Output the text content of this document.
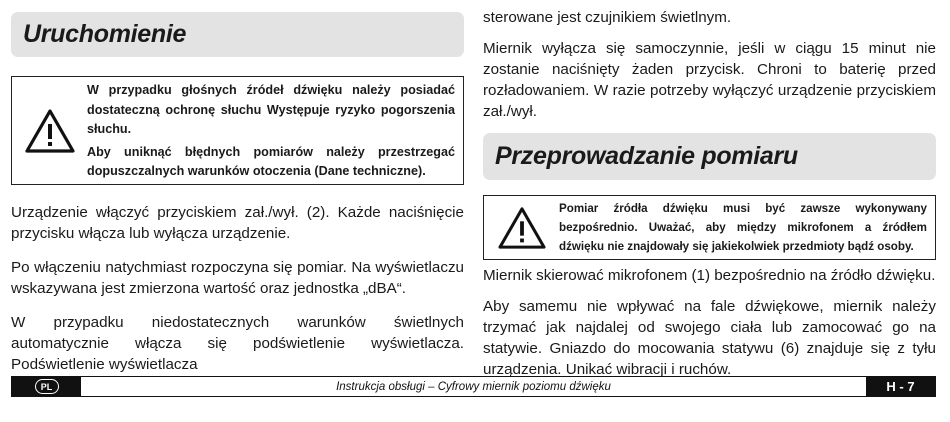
Uruchomienie

W przypadku głośnych źródeł dźwięku należy posiadać dostateczną ochronę słuchu Występuje ryzyko pogorszenia słuchu.

Aby uniknąć błędnych pomiarów należy przestrzegać dopuszczalnych warunków otoczenia (Dane techniczne).

Urządzenie włączyć przyciskiem zał./wył. (2). Każde naciśnięcie przycisku włącza lub wyłącza urządzenie.

Po włączeniu natychmiast rozpoczyna się pomiar. Na wyświetlaczu wskazywana jest zmierzona wartość oraz jednostka „dBA“.

W przypadku niedostatecznych warunków świetlnych automatycznie włącza się podświetlenie wyświetlacza. Podświetlenie wyświetlacza

sterowane jest czujnikiem świetlnym.

Miernik wyłącza się samoczynnie, jeśli w ciągu 15 minut nie zostanie naciśnięty żaden przycisk. Chroni to baterię przed rozładowaniem. W razie potrzeby wyłączyć urządzenie przyciskiem zał./wył.

Przeprowadzanie pomiaru

Pomiar źródła dźwięku musi być zawsze wykonywany bezpośrednio. Uważać, aby między mikrofonem a źródłem dźwięku nie znajdowały się jakiekolwiek przedmioty bądź osoby.

Miernik skierować mikrofonem (1) bezpośrednio na źródło dźwięku.

Aby samemu nie wpływać na fale dźwiękowe, miernik należy trzymać jak najdalej od swojego ciała lub zamocować go na statywie. Gniazdo do mocowania statywu (6) znajduje się z tyłu urządzenia. Unikać wibracji i ruchów.

PL	Instrukcja obsługi – Cyfrowy miernik poziomu dźwięku	H - 7
